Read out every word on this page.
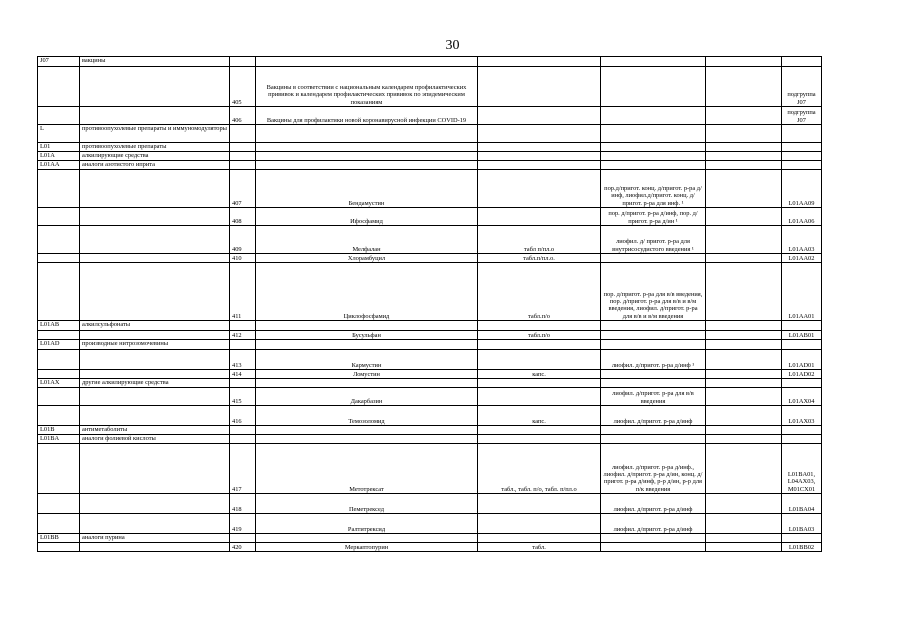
30
J07	вакцины						
		405	Вакцины в соответствии с национальным календарем профилактических прививок и календарем профилактических прививок по эпидемическим показаниям				подгруппа J07
		406	Вакцины для профилактики новой коронавирусной инфекции COVID-19				подгруппа J07
L	противоопухолевые препараты и иммуномодуляторы						
L01	противоопухолевые препараты						
L01A	алкилирующие средства						
L01AA	аналоги азотистого иприта						
		407	Бендамустин		пор.д/пригот. конц. д/пригот. р-ра д/инф, лиофил.д/пригот. конц. д/пригот. р-ра для инф. ¹		L01AA09
		408	Ифосфамид		пор. д/пригот. р-ра д/инф, пор. д/пригот. р-ра д/ин ¹		L01AA06
		409	Мелфалан	табл п/пл.о	лиофил. д/ пригот. р-ра для внутрисосудистого введения ¹		L01AA03
		410	Хлорамбуцил	табл.п/пл.о.			L01AA02
		411	Циклофосфамид	табл.п/о	пор. д/пригот. р-ра для в/в введения, пор. д/пригот. р-ра для в/в и в/м введения, лиофил. д/пригот. р-ра для в/в и в/м введения		L01AA01
L01AB	алкилсульфонаты						
		412	Бусульфан	табл.п/о			L01AB01
L01AD	производные нитрозомочевины						
		413	Кармустин		лиофил. д/пригот. р-ра д/инф ¹		L01AD01
		414	Ломустин	капс.			L01AD02
L01AX	другие алкилирующие средства						
		415	Дакарбазин		лиофил. д/пригот. р-ра для в/в введения		L01AX04
		416	Темозоломид	капс.	лиофил. д/пригот. р-ра д/инф		L01AX03
L01B	антиметаболиты						
L01BA	аналоги фолиевой кислоты						
		417	Метотрексат	табл., табл. п/о, табл. п/пл.о	лиофил. д/пригот. р-ра д/инф., лиофил. д/пригот. р-ра д/ин, конц. д/пригот. р-ра д/инф, р-р д/ин, р-р для п/к введения		L01BA01, L04AX03, M01CX01
		418	Пеметрексед		лиофил. д/пригот. р-ра д/инф		L01BA04
		419	Ралтитрексид		лиофил. д/пригот. р-ра д/инф		L01BA03
L01BB	аналоги пурина						
		420	Меркаптопурин	табл.			L01BB02
